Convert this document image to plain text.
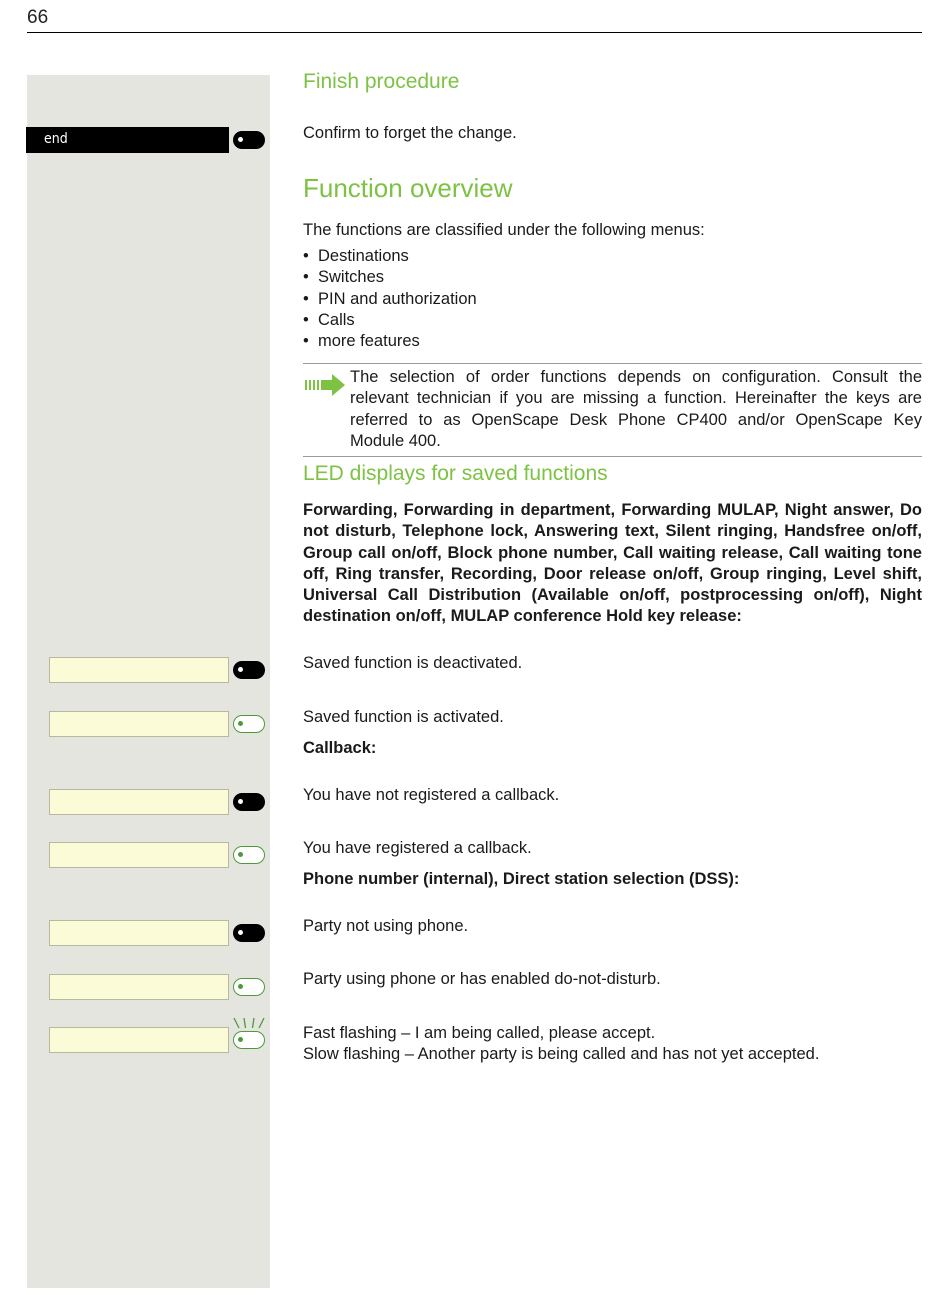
66
end
Finish procedure

Confirm to forget the change.

Function overview

The functions are classified under the following menus:

• Destinations
• Switches
• PIN and authorization
• Calls
• more features

The selection of order functions depends on configuration. Consult the relevant technician if you are missing a function. Hereinafter the keys are referred to as OpenScape Desk Phone CP400 and/or OpenScape Key Module 400.

LED displays for saved functions

Forwarding, Forwarding in department, Forwarding MULAP, Night answer, Do not disturb, Telephone lock, Answering text, Silent ringing, Handsfree on/off, Group call on/off, Block phone number, Call waiting release, Call waiting tone off, Ring transfer, Recording, Door release on/off, Group ringing, Level shift, Universal Call Distribution (Available on/off, postprocessing on/off), Night destination on/off, MULAP conference Hold key release:

Saved function is deactivated.

Saved function is activated.

Callback:

You have not registered a callback.

You have registered a callback.

Phone number (internal), Direct station selection (DSS):

Party not using phone.

Party using phone or has enabled do-not-disturb.

Fast flashing – I am being called, please accept.

Slow flashing – Another party is being called and has not yet accepted.
